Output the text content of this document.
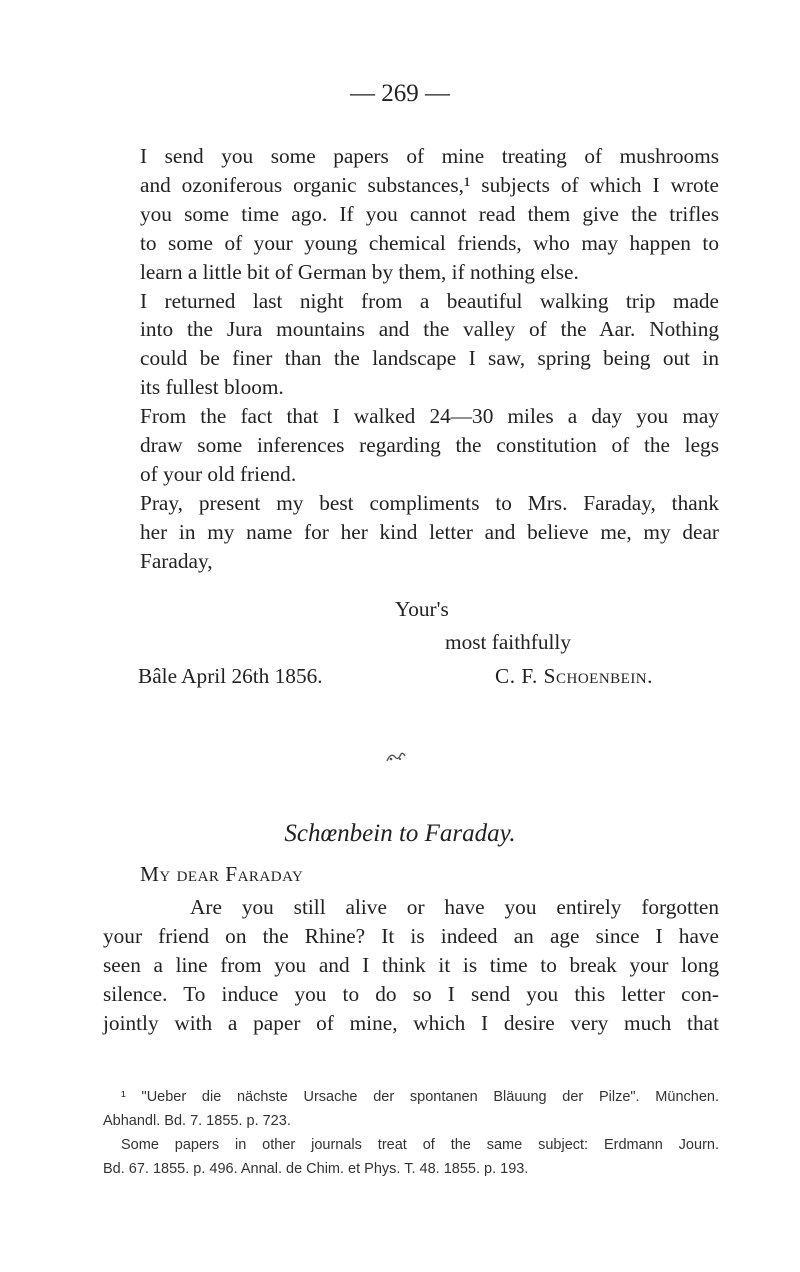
— 269 —

I send you some papers of mine treating of mushrooms
and ozoniferous organic substances,¹ subjects of which I wrote
you some time ago. If you cannot read them give the trifles
to some of your young chemical friends, who may happen to
learn a little bit of German by them, if nothing else.

I returned last night from a beautiful walking trip made
into the Jura mountains and the valley of the Aar. Nothing
could be finer than the landscape I saw, spring being out in
its fullest bloom.

From the fact that I walked 24—30 miles a day you may
draw some inferences regarding the constitution of the legs
of your old friend.

Pray, present my best compliments to Mrs. Faraday, thank
her in my name for her kind letter and believe me, my dear
Faraday,

Your's
most faithfully
Bâle April 26th 1856.	C. F. Schoenbein.
Schœnbein to Faraday.
My dear Faraday

Are you still alive or have you entirely forgotten
your friend on the Rhine? It is indeed an age since I have
seen a line from you and I think it is time to break your long
silence. To induce you to do so I send you this letter con-
jointly with a paper of mine, which I desire very much that

¹ "Ueber die nächste Ursache der spontanen Bläuung der Pilze". München.
Abhandl. Bd. 7. 1855. p. 723.
Some papers in other journals treat of the same subject: Erdmann Journ.
Bd. 67. 1855. p. 496. Annal. de Chim. et Phys. T. 48. 1855. p. 193.
